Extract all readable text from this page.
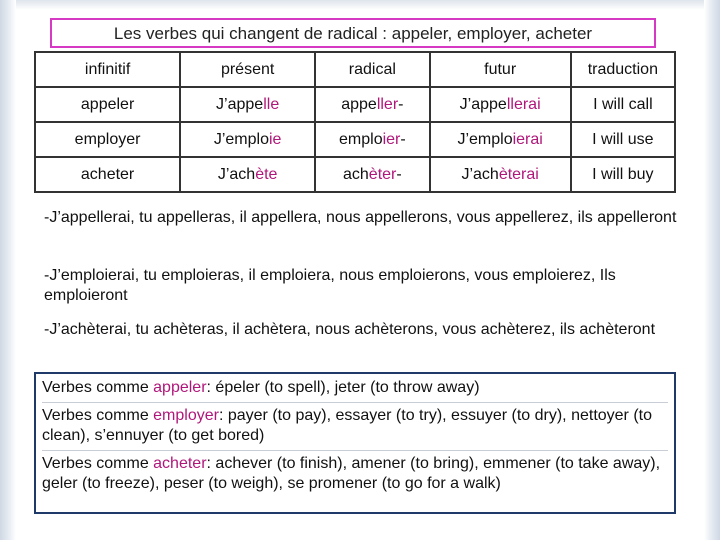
Les verbes qui changent de radical : appeler, employer, acheter
infinitif	présent	radical	futur	traduction
appeler	J’appelle	appeller-	J’appellerai	I will call
employer	J’emploie	emploier-	J’emploierai	I will use
acheter	J’achète	achèter-	J’achèterai	I will buy
-J’appellerai, tu appelleras, il appellera, nous appellerons, vous appellerez, ils appelleront
-J’emploierai, tu emploieras, il emploiera, nous emploierons, vous emploierez, Ils emploieront
-J’achèterai, tu achèteras, il achètera, nous achèterons, vous achèterez, ils achèteront
Verbes comme appeler: épeler (to spell), jeter (to throw away)
Verbes comme employer: payer (to pay), essayer (to try), essuyer (to dry), nettoyer (to clean), s’ennuyer (to get bored)
Verbes comme acheter: achever (to finish), amener (to bring), emmener (to take away), geler (to freeze), peser (to weigh), se promener (to go for a walk)
